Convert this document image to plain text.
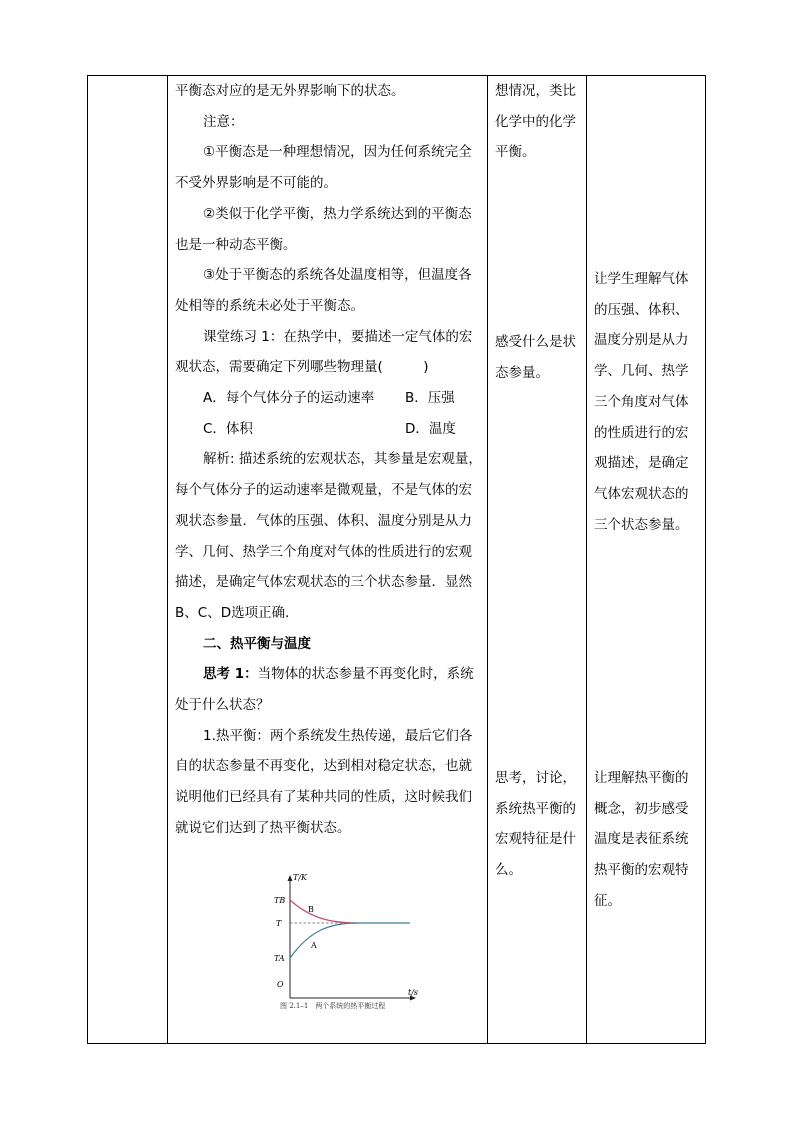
平衡态对应的是无外界影响下的状态。

注意：

①平衡态是一种理想情况，因为任何系统完全

不受外界影响是不可能的。

②类似于化学平衡，热力学系统达到的平衡态

也是一种动态平衡。

③处于平衡态的系统各处温度相等，但温度各

处相等的系统未必处于平衡态。

课堂练习 1：在热学中，要描述一定气体的宏

观状态，需要确定下列哪些物理量(　　　)

A．每个气体分子的运动速率 B．压强

C．体积	D．温度

解析: 描述系统的宏观状态，其参量是宏观量，

每个气体分子的运动速率是微观量，不是气体的宏

观状态参量．气体的压强、体积、温度分别是从力

学、几何、热学三个角度对气体的性质进行的宏观

描述，是确定气体宏观状态的三个状态参量．显然

B、C、D选项正确．

二、热平衡与温度

思考 1：当物体的状态参量不再变化时，系统

处于什么状态？

1.热平衡：两个系统发生热传递，最后它们各

自的状态参量不再变化，达到相对稳定状态，也就

说明他们已经具有了某种共同的性质，这时候我们

就说它们达到了热平衡状态。

想情况，类比

化学中的化学

平衡。

感受什么是状

态参量。

思考，讨论，

系统热平衡的

宏观特征是什

么。

让学生理解气体

的压强、体积、

温度分别是从力

学、几何、热学

三个角度对气体

的性质进行的宏

观描述，是确定

气体宏观状态的

三个状态参量。

让理解热平衡的

概念，初步感受

温度是表征系统

热平衡的宏观特

征。

T/K
TB
T
TA
O
B
A
t/s
图 2.1–1　两个系统的热平衡过程
